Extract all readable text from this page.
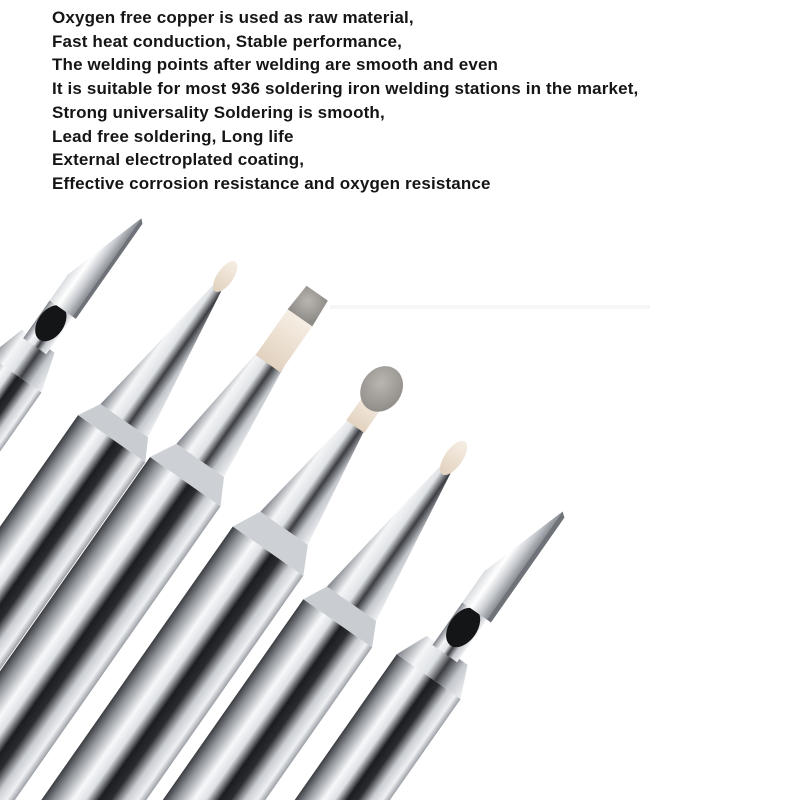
Oxygen free copper is used as raw material,
Fast heat conduction, Stable performance,
The welding points after welding are smooth and even
It is suitable for most 936 soldering iron welding stations in the market,
Strong universality Soldering is smooth,
Lead free soldering, Long life
External electroplated coating,
Effective corrosion resistance and oxygen resistance
